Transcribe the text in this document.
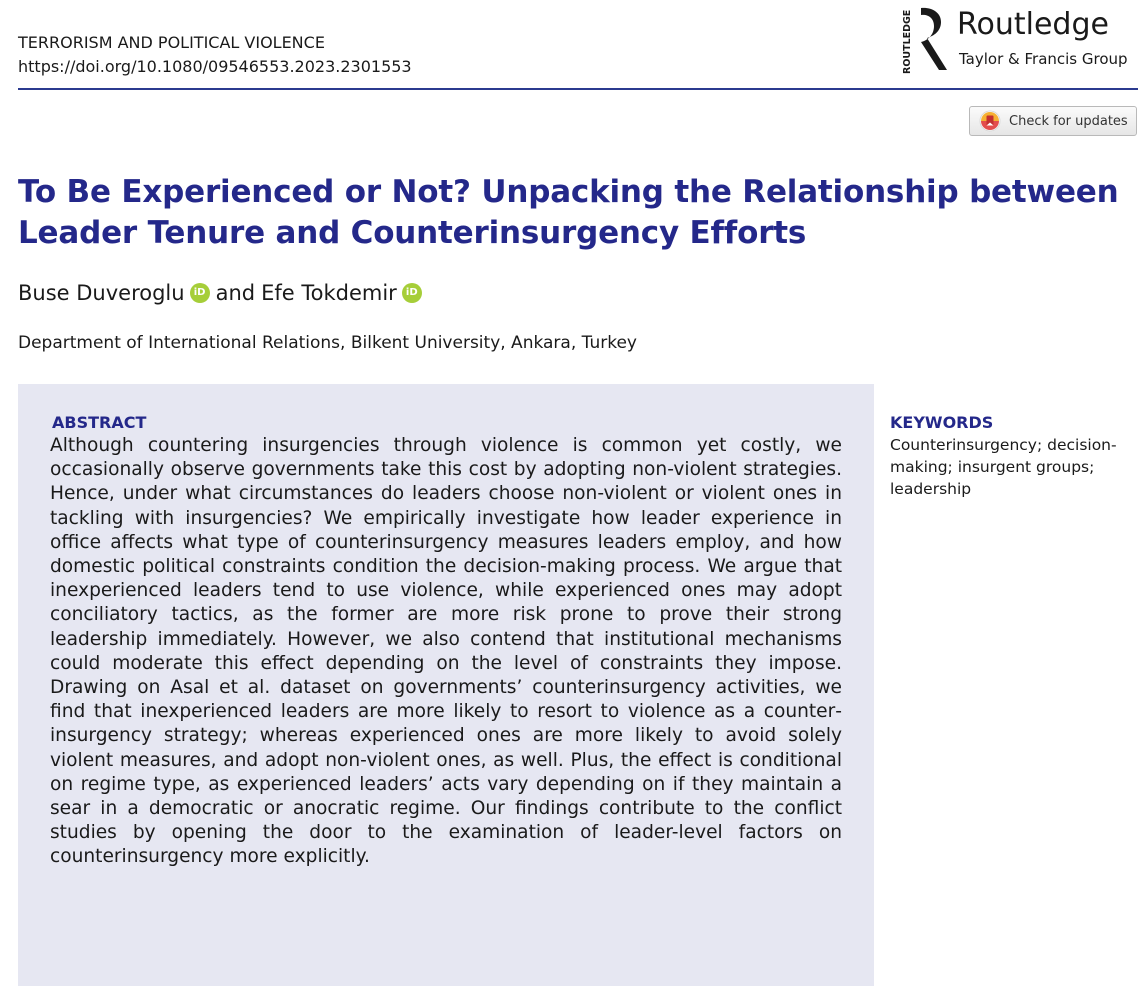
TERRORISM AND POLITICAL VIOLENCE
https://doi.org/10.1080/09546553.2023.2301553	ROUTLEDGE Routledge
Taylor & Francis Group
Check for updates
To Be Experienced or Not? Unpacking the Relationship between Leader Tenure and Counterinsurgency Efforts
Buse Duveroglu iD and Efe Tokdemir iD
Department of International Relations, Bilkent University, Ankara, Turkey
ABSTRACT
Although countering insurgencies through violence is common yet costly, we occasionally observe governments take this cost by adopting non-violent strategies. Hence, under what circumstances do leaders choose non-violent or violent ones in tackling with insurgencies? We empirically investigate how leader experience in office affects what type of counterinsurgency measures leaders employ, and how domestic political constraints condition the decision-making process. We argue that inexperienced leaders tend to use violence, while experienced ones may adopt conciliatory tactics, as the former are more risk prone to prove their strong leadership immediately. However, we also contend that institutional mechanisms could moderate this effect depending on the level of constraints they impose. Drawing on Asal et al. dataset on governments’ counterinsurgency activities, we find that inexperienced leaders are more likely to resort to violence as a counterinsurgency strategy; whereas experienced ones are more likely to avoid solely violent measures, and adopt non-violent ones, as well. Plus, the effect is conditional on regime type, as experienced leaders’ acts vary depending on if they maintain a sear in a democratic or anocratic regime. Our findings contribute to the conflict studies by opening the door to the examination of leader-level factors on counterinsurgency more explicitly.
KEYWORDS
Counterinsurgency; decision-making; insurgent groups; leadership
